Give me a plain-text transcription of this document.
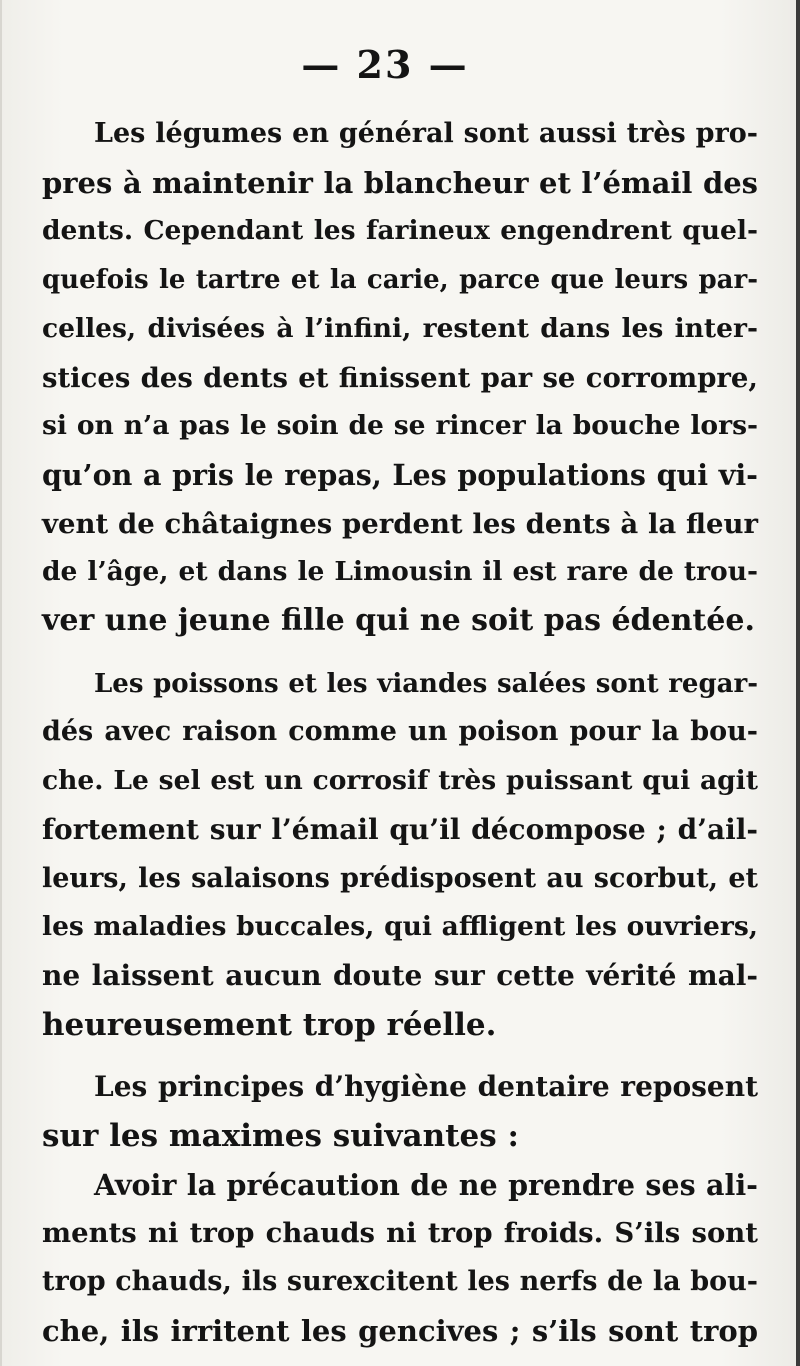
— 23 —

Les légumes en général sont aussi très pro-
pres à maintenir la blancheur et l’émail des
dents. Cependant les farineux engendrent quel-
quefois le tartre et la carie, parce que leurs par-
celles, divisées à l’infini, restent dans les inter-
stices des dents et finissent par se corrompre,
si on n’a pas le soin de se rincer la bouche lors-
qu’on a pris le repas, Les populations qui vi-
vent de châtaignes perdent les dents à la fleur
de l’âge, et dans le Limousin il est rare de trou-
ver une jeune fille qui ne soit pas édentée.

Les poissons et les viandes salées sont regar-
dés avec raison comme un poison pour la bou-
che. Le sel est un corrosif très puissant qui agit
fortement sur l’émail qu’il décompose ; d’ail-
leurs, les salaisons prédisposent au scorbut, et
les maladies buccales, qui affligent les ouvriers,
ne laissent aucun doute sur cette vérité mal-
heureusement trop réelle.

Les principes d’hygiène dentaire reposent
sur les maximes suivantes :

Avoir la précaution de ne prendre ses ali-
ments ni trop chauds ni trop froids. S’ils sont
trop chauds, ils surexcitent les nerfs de la bou-
che, ils irritent les gencives ; s’ils sont trop
